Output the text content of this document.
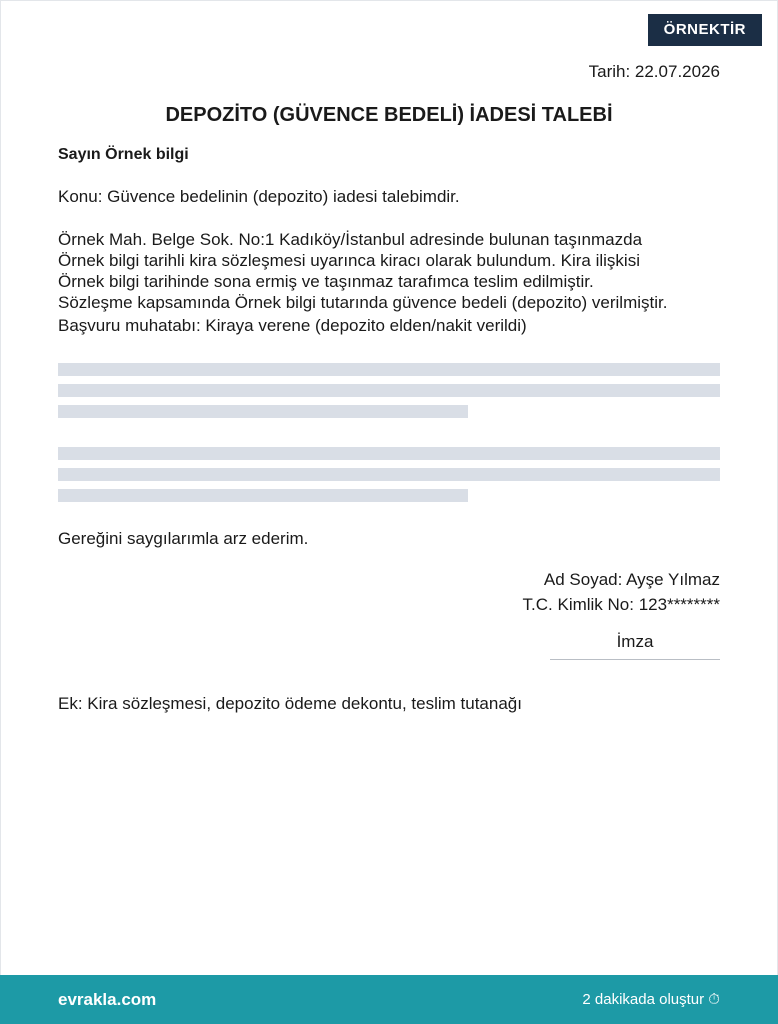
ÖRNEKTİR
Tarih: 22.07.2026
DEPOZİTO (GÜVENCE BEDELİ) İADESİ TALEBİ
Sayın Örnek bilgi
Konu: Güvence bedelinin (depozito) iadesi talebimdir.
Örnek Mah. Belge Sok. No:1 Kadıköy/İstanbul adresinde bulunan taşınmazda
Örnek bilgi tarihli kira sözleşmesi uyarınca kiracı olarak bulundum. Kira ilişkisi
Örnek bilgi tarihinde sona ermiş ve taşınmaz tarafımca teslim edilmiştir.
Sözleşme kapsamında Örnek bilgi tutarında güvence bedeli (depozito) verilmiştir.
Başvuru muhatabı: Kiraya verene (depozito elden/nakit verildi)
Gereğini saygılarımla arz ederim.
Ad Soyad: Ayşe Yılmaz
T.C. Kimlik No: 123********
İmza
Ek: Kira sözleşmesi, depozito ödeme dekontu, teslim tutanağı
evrakla.com	2 dakikada oluştur ⏱
